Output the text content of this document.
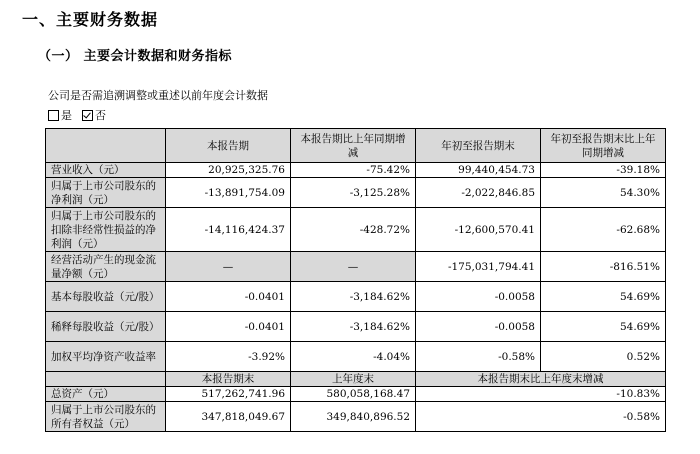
一、主要财务数据
（一） 主要会计数据和财务指标
公司是否需追溯调整或重述以前年度会计数据
是 否
	本报告期	本报告期比上年同期增减	年初至报告期末	年初至报告期末比上年同期增减
营业收入（元）	20,925,325.76	-75.42%	99,440,454.73	-39.18%
归属于上市公司股东的净利润（元）	-13,891,754.09	-3,125.28%	-2,022,846.85	54.30%
归属于上市公司股东的扣除非经常性损益的净利润（元）	-14,116,424.37	-428.72%	-12,600,570.41	-62.68%
经营活动产生的现金流量净额（元）	—	—	-175,031,794.41	-816.51%
基本每股收益（元/股）	-0.0401	-3,184.62%	-0.0058	54.69%
稀释每股收益（元/股）	-0.0401	-3,184.62%	-0.0058	54.69%
加权平均净资产收益率	-3.92%	-4.04%	-0.58%	0.52%
	本报告期末	上年度末	本报告期末比上年度末增减	
总资产（元）	517,262,741.96	580,058,168.47	-10.83%	
归属于上市公司股东的所有者权益（元）	347,818,049.67	349,840,896.52	-0.58%	
